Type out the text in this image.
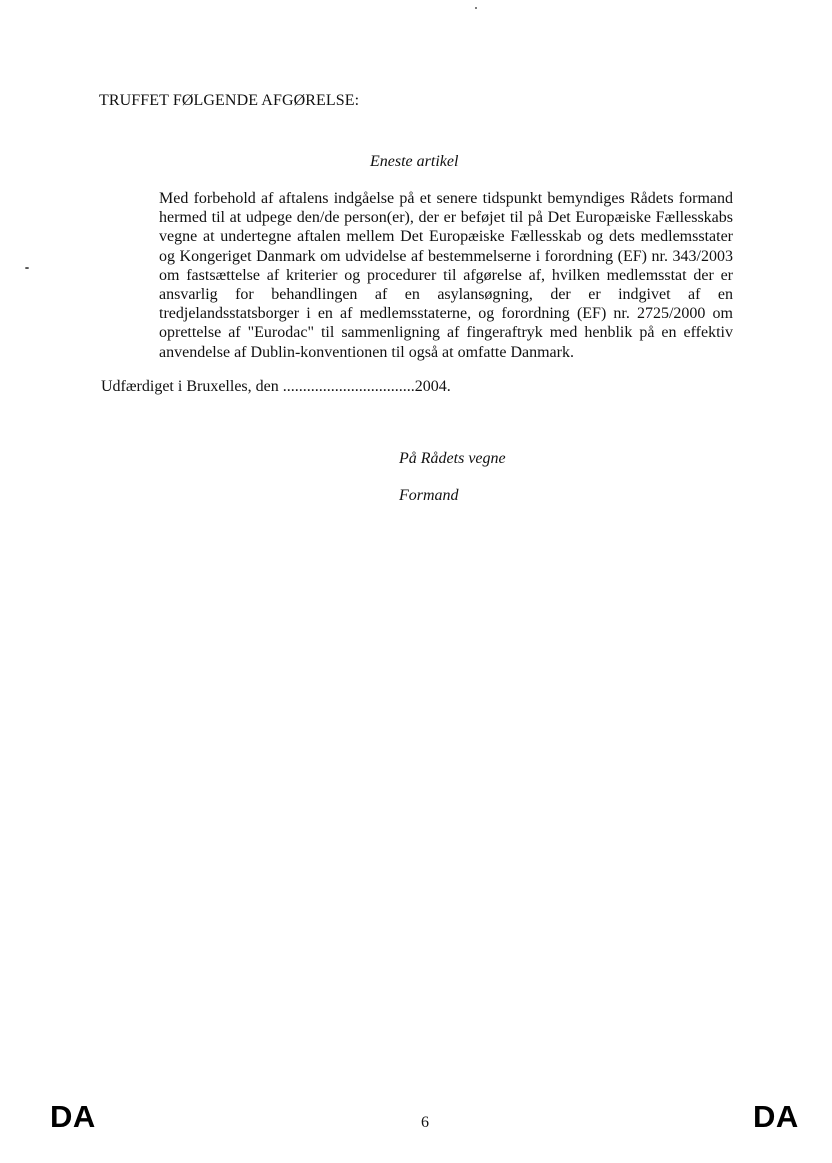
TRUFFET FØLGENDE AFGØRELSE:
Eneste artikel
Med forbehold af aftalens indgåelse på et senere tidspunkt bemyndiges Rådets formand hermed til at udpege den/de person(er), der er beføjet til på Det Europæiske Fællesskabs vegne at undertegne aftalen mellem Det Europæiske Fællesskab og dets medlemsstater og Kongeriget Danmark om udvidelse af bestemmelserne i forordning (EF) nr. 343/2003 om fastsættelse af kriterier og procedurer til afgørelse af, hvilken medlemsstat der er ansvarlig for behandlingen af en asylansøgning, der er indgivet af en tredjelandsstatsborger i en af medlemsstaterne, og forordning (EF) nr. 2725/2000 om oprettelse af "Eurodac" til sammenligning af fingeraftryk med henblik på en effektiv anvendelse af Dublin-konventionen til også at omfatte Danmark.
Udfærdiget i Bruxelles, den .................................2004.
På Rådets vegne
Formand
DA	6	DA
